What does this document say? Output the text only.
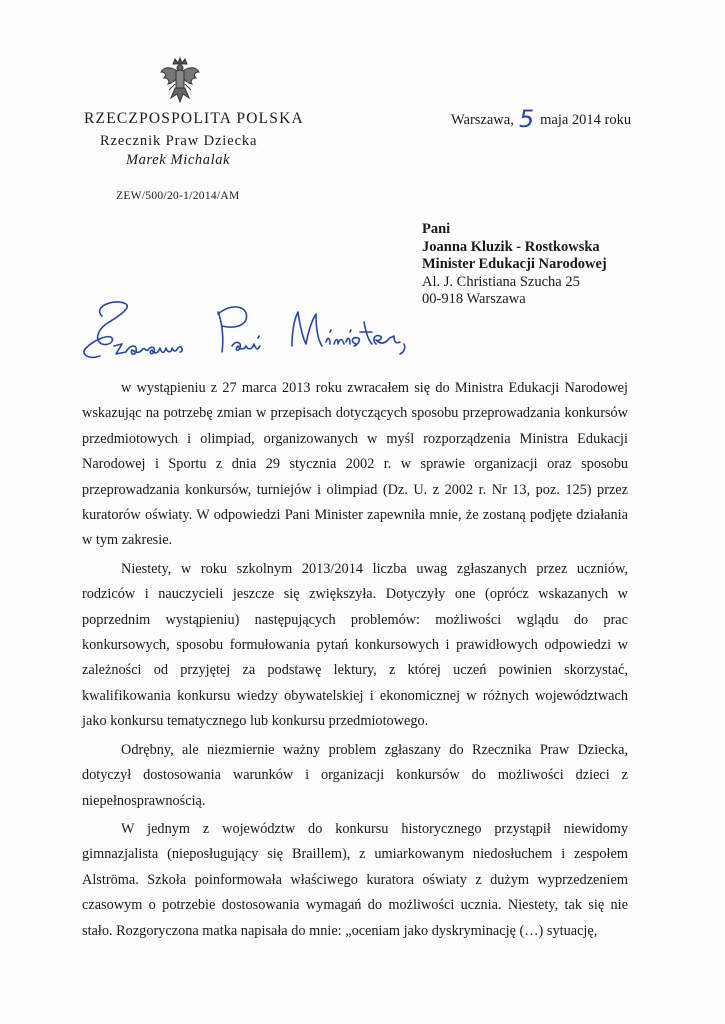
RZECZPOSPOLITA POLSKA
Rzecznik Praw Dziecka
Marek Michalak
ZEW/500/20-1/2014/AM
Warszawa, 5 maja 2014 roku
Pani
Joanna Kluzik - Rostkowska
Minister Edukacji Narodowej
Al. J. Christiana Szucha 25
00-918 Warszawa

w wystąpieniu z 27 marca 2013 roku zwracałem się do Ministra Edukacji Narodowej wskazując na potrzebę zmian w przepisach dotyczących sposobu przeprowadzania konkursów przedmiotowych i olimpiad, organizowanych w myśl rozporządzenia Ministra Edukacji Narodowej i Sportu z dnia 29 stycznia 2002 r. w sprawie organizacji oraz sposobu przeprowadzania konkursów, turniejów i olimpiad (Dz. U. z 2002 r. Nr 13, poz. 125) przez kuratorów oświaty. W odpowiedzi Pani Minister zapewniła mnie, że zostaną podjęte działania w tym zakresie.

Niestety, w roku szkolnym 2013/2014 liczba uwag zgłaszanych przez uczniów, rodziców i nauczycieli jeszcze się zwiększyła. Dotyczyły one (oprócz wskazanych w poprzednim wystąpieniu) następujących problemów: możliwości wglądu do prac konkursowych, sposobu formułowania pytań konkursowych i prawidłowych odpowiedzi w zależności od przyjętej za podstawę lektury, z której uczeń powinien skorzystać, kwalifikowania konkursu wiedzy obywatelskiej i ekonomicznej w różnych województwach jako konkursu tematycznego lub konkursu przedmiotowego.

Odrębny, ale niezmiernie ważny problem zgłaszany do Rzecznika Praw Dziecka, dotyczył dostosowania warunków i organizacji konkursów do możliwości dzieci z niepełnosprawnością.

W jednym z województw do konkursu historycznego przystąpił niewidomy gimnazjalista (nieposługujący się Braillem), z umiarkowanym niedosłuchem i zespołem Alströma. Szkoła poinformowała właściwego kuratora oświaty z dużym wyprzedzeniem czasowym o potrzebie dostosowania wymagań do możliwości ucznia. Niestety, tak się nie stało. Rozgoryczona matka napisała do mnie: „oceniam jako dyskryminację (…) sytuację,
